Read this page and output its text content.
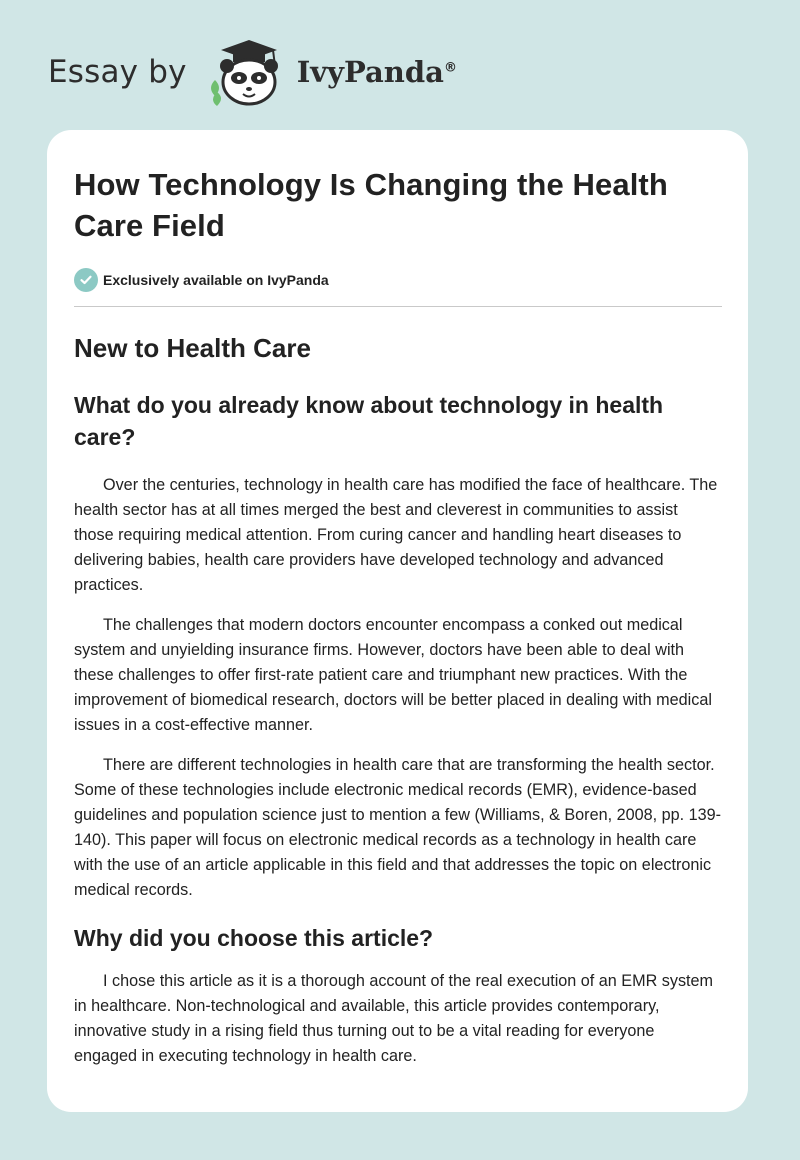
Essay by	IvyPanda®
How Technology Is Changing the Health Care Field
Exclusively available on IvyPanda
New to Health Care
What do you already know about technology in health care?

Over the centuries, technology in health care has modified the face of healthcare. The health sector has at all times merged the best and cleverest in communities to assist those requiring medical attention. From curing cancer and handling heart diseases to delivering babies, health care providers have developed technology and advanced practices.

The challenges that modern doctors encounter encompass a conked out medical system and unyielding insurance firms. However, doctors have been able to deal with these challenges to offer first-rate patient care and triumphant new practices. With the improvement of biomedical research, doctors will be better placed in dealing with medical issues in a cost-effective manner.

There are different technologies in health care that are transforming the health sector. Some of these technologies include electronic medical records (EMR), evidence-based guidelines and population science just to mention a few (Williams, & Boren, 2008, pp. 139-140). This paper will focus on electronic medical records as a technology in health care with the use of an article applicable in this field and that addresses the topic on electronic medical records.

Why did you choose this article?

I chose this article as it is a thorough account of the real execution of an EMR system in healthcare. Non-technological and available, this article provides contemporary, innovative study in a rising field thus turning out to be a vital reading for everyone engaged in executing technology in health care.
